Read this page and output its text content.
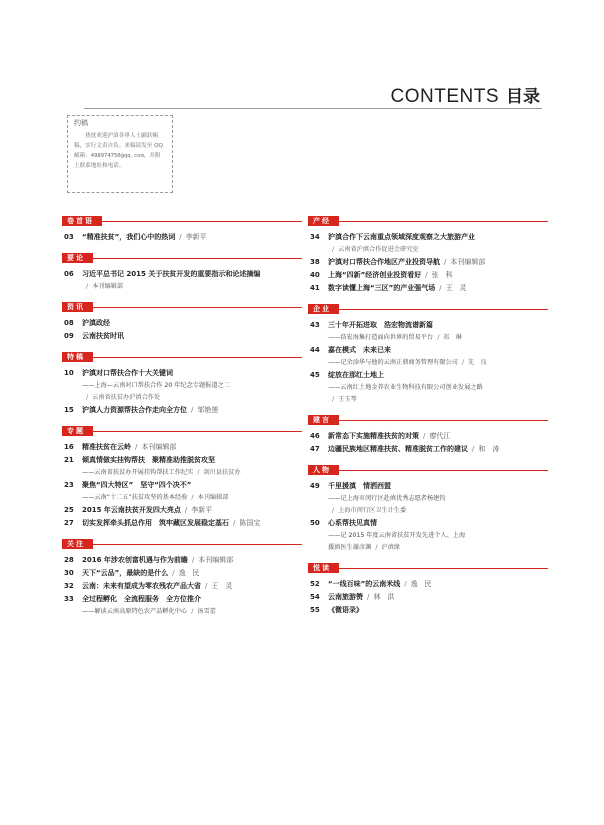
CONTENTS 目录
约稿
热忱欢迎沪滇各界人士踊跃赐稿，实行文责自负。来稿请发至 QQ 邮箱：498974750@qq.com，并附上联系地址和电话。
卷首语
03 “精准扶贫”，我们心中的热词 / 李新平
要论
06 习近平总书记 2015 关于扶贫开发的重要指示和论述摘编
/ 本刊编辑部
资讯
08 沪滇政经
09 云南扶贫时讯
特稿
10 沪滇对口帮扶合作十大关键词
——上海—云南对口帮扶合作 20 年纪念专题报道之二
/ 云南省扶贫办沪滇合作处
15 沪滇人力资源帮扶合作走向全方位 / 邹艳莲
专题
16 精准扶贫在云岭 / 本刊编辑部
21 倾真情做实挂钩帮扶　聚精准助推脱贫攻坚
——云南省扶贫办开展挂钩帮扶工作纪实 / 剑川县扶贫办
23 聚焦“四大特区”　坚守“四个决不”
——云南“十二五”扶贫攻坚的基本经验 / 本刊编辑部
25 2015 年云南扶贫开发四大亮点 / 李新平
27 切实发挥牵头抓总作用　筑牢藏区发展稳定基石 / 陈国宝
关注
28 2016 年涉农创富机遇与作为前瞻 / 本刊编辑部
30 天下“云品”，最缺的是什么 / 逸　民
32 云南：未来有望成为零农残农产品大省 / 王　灵
33 全过程孵化　全流程服务　全方位推介
——解读云南高原特色农产品孵化中心 / 汤雪蕾
产经
34 沪滇合作下云南重点领域深度观察之大旅游产业
/ 云南省沪滇合作促进会研究室
38 沪滇对口帮扶合作地区产业投资导航 / 本刊编辑部
40 上海“四新”经济创业投资看好 / 张　科
41 数字读懂上海“三区”的产业强气场 / 王　灵
企业
43 三十年开拓进取　浩宏物流谱新篇
——浩宏海集打造面向世界的贸易平台 / 祁　琳
44 嘉在模式　未来已来
——记余添华与他的云南正鼎商务管理有限公司 / 先　良
45 绽放在那红土地上
——云南红土地金养农业生物科技有限公司创业发展之路
/ 王玉琴
建言
46 新常态下实施精准扶贫的对策 / 廖代江
47 边疆民族地区精准扶贫、精准脱贫工作的建议 / 和　涛
人物
49 千里援滇　情洒西盟
——记上海市闵行区赴滇优秀志愿者杨建钧
/ 上海市闵行区卫生计生委
50 心系帮扶见真情
——记 2015 年度云南省扶贫开发先进个人、上海
援滇医生谢彦渊 / 沪滇缘
悦读
52 “一线百味”的云南米线 / 逸　民
54 云南旅游赞 / 林　洪
55 《微语录》
